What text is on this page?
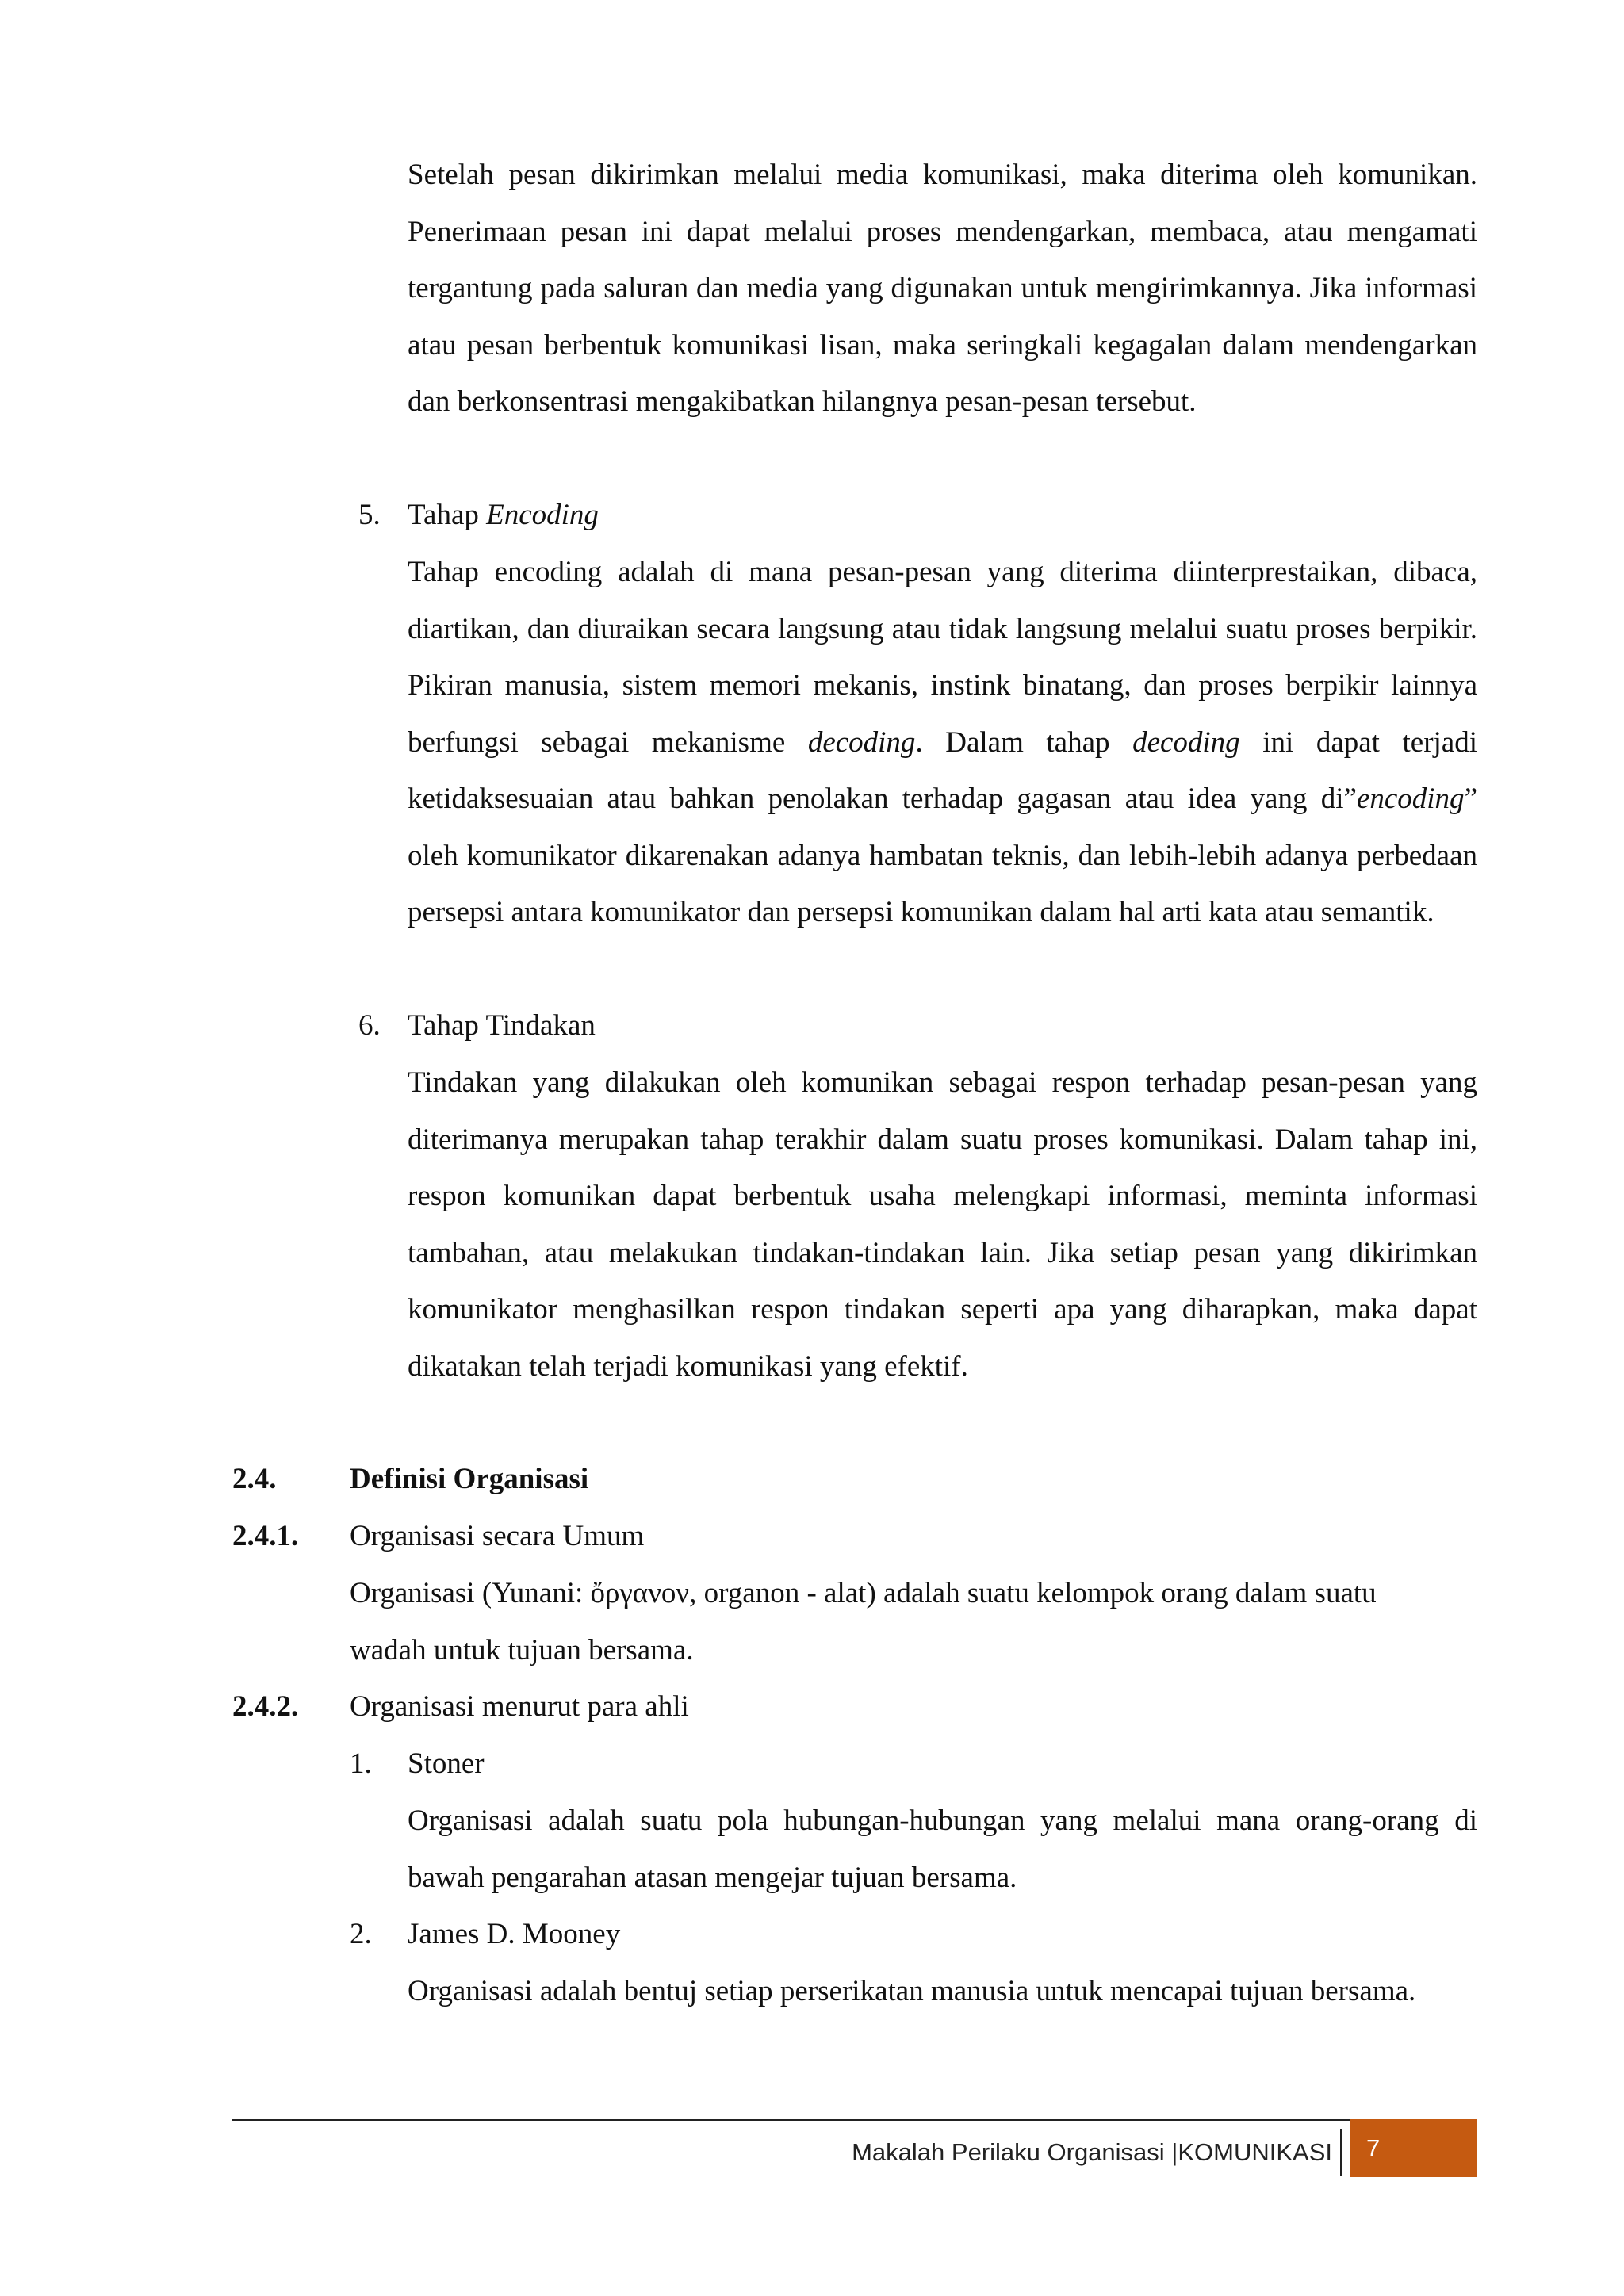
Setelah pesan dikirimkan melalui media komunikasi, maka diterima oleh komunikan. Penerimaan pesan ini dapat melalui proses mendengarkan, membaca, atau mengamati tergantung pada saluran dan media yang digunakan untuk mengirimkannya. Jika informasi atau pesan berbentuk komunikasi lisan, maka seringkali kegagalan dalam mendengarkan dan berkonsentrasi mengakibatkan hilangnya pesan-pesan tersebut.
5. Tahap Encoding
Tahap encoding adalah di mana pesan-pesan yang diterima diinterprestaikan, dibaca, diartikan, dan diuraikan secara langsung atau tidak langsung melalui suatu proses berpikir. Pikiran manusia, sistem memori mekanis, instink binatang, dan proses berpikir lainnya berfungsi sebagai mekanisme decoding. Dalam tahap decoding ini dapat terjadi ketidaksesuaian atau bahkan penolakan terhadap gagasan atau idea yang di”encoding” oleh komunikator dikarenakan adanya hambatan teknis, dan lebih-lebih adanya perbedaan persepsi antara komunikator dan persepsi komunikan dalam hal arti kata atau semantik.
6. Tahap Tindakan
Tindakan yang dilakukan oleh komunikan sebagai respon terhadap pesan-pesan yang diterimanya merupakan tahap terakhir dalam suatu proses komunikasi. Dalam tahap ini, respon komunikan dapat berbentuk usaha melengkapi informasi, meminta informasi tambahan, atau melakukan tindakan-tindakan lain. Jika setiap pesan yang dikirimkan komunikator menghasilkan respon tindakan seperti apa yang diharapkan, maka dapat dikatakan telah terjadi komunikasi yang efektif.
2.4.	Definisi Organisasi
2.4.1. Organisasi secara Umum
Organisasi (Yunani: ὄργανον, organon - alat) adalah suatu kelompok orang dalam suatu wadah untuk tujuan bersama.
2.4.2. Organisasi menurut para ahli
1. Stoner
Organisasi adalah suatu pola hubungan-hubungan yang melalui mana orang-orang di bawah pengarahan atasan mengejar tujuan bersama.
2. James D. Mooney
Organisasi adalah bentuj setiap perserikatan manusia untuk mencapai tujuan bersama.
Makalah Perilaku Organisasi |KOMUNIKASI	7
